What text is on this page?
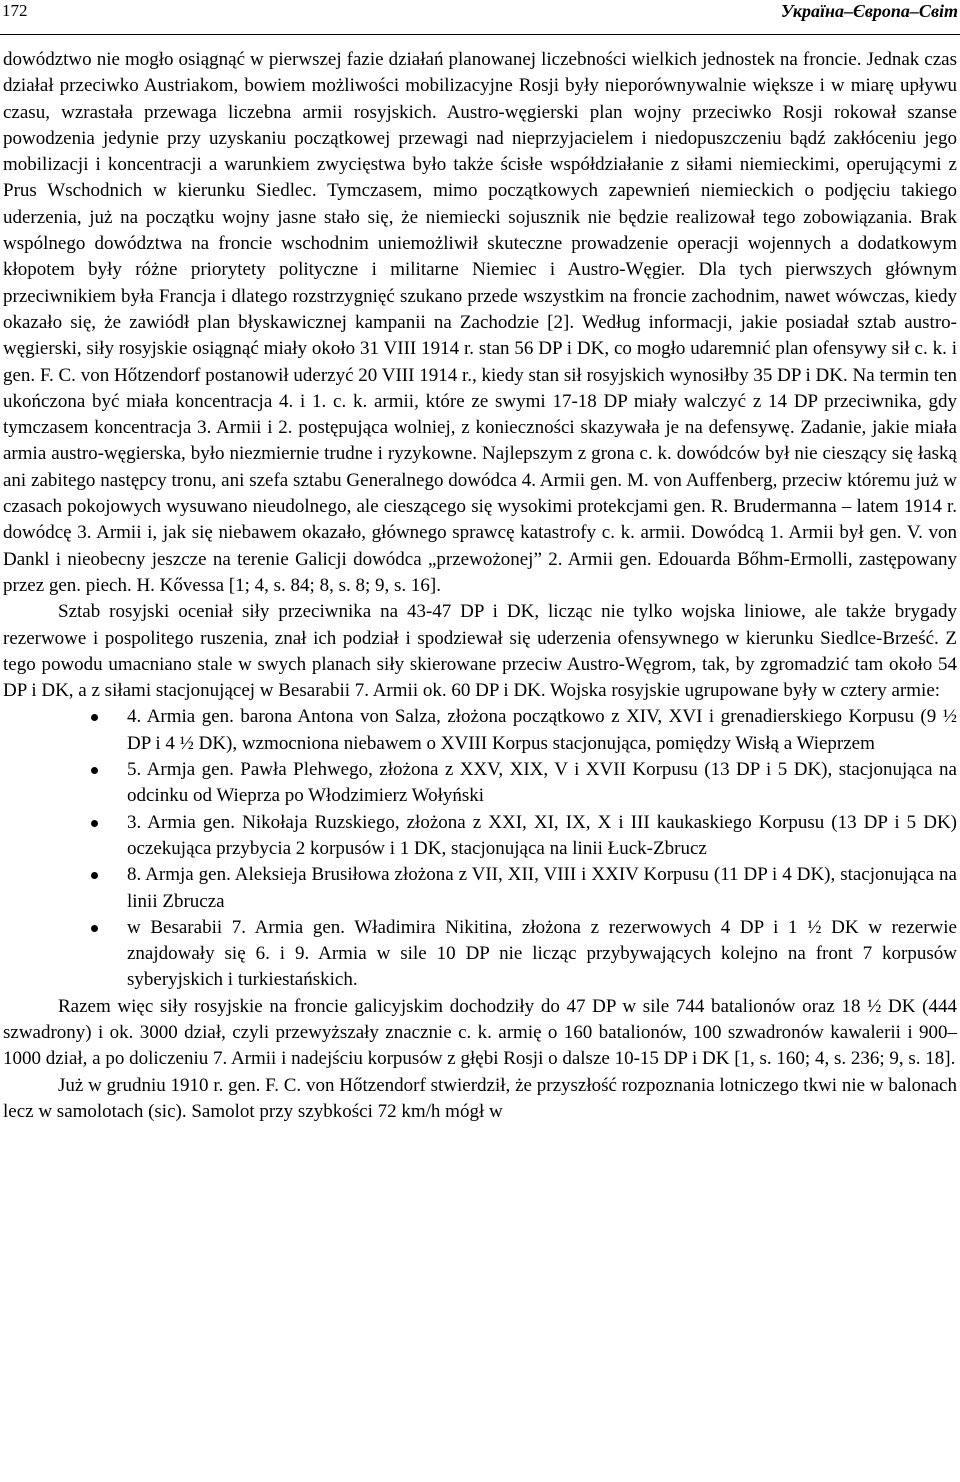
172	Україна–Європа–Світ

dowództwo nie mogło osiągnąć w pierwszej fazie działań planowanej liczebności wielkich jednostek na froncie. Jednak czas działał przeciwko Austriakom, bowiem możliwości mobilizacyjne Rosji były nieporównywalnie większe i w miarę upływu czasu, wzrastała przewaga liczebna armii rosyjskich. Austro-węgierski plan wojny przeciwko Rosji rokował szanse powodzenia jedynie przy uzyskaniu początkowej przewagi nad nieprzyjacielem i niedopuszczeniu bądź zakłóceniu jego mobilizacji i koncentracji a warunkiem zwycięstwa było także ścisłe współdziałanie z siłami niemieckimi, operującymi z Prus Wschodnich w kierunku Siedlec. Tymczasem, mimo początkowych zapewnień niemieckich o podjęciu takiego uderzenia, już na początku wojny jasne stało się, że niemiecki sojusznik nie będzie realizował tego zobowiązania. Brak wspólnego dowództwa na froncie wschodnim uniemożliwił skuteczne prowadzenie operacji wojennych a dodatkowym kłopotem były różne priorytety polityczne i militarne Niemiec i Austro-Węgier. Dla tych pierwszych głównym przeciwnikiem była Francja i dlatego rozstrzygnięć szukano przede wszystkim na froncie zachodnim, nawet wówczas, kiedy okazało się, że zawiódł plan błyskawicznej kampanii na Zachodzie [2]. Według informacji, jakie posiadał sztab austro-węgierski, siły rosyjskie osiągnąć miały około 31 VIII 1914 r. stan 56 DP i DK, co mogło udaremnić plan ofensywy sił c. k. i gen. F. C. von Hőtzendorf postanowił uderzyć 20 VIII 1914 r., kiedy stan sił rosyjskich wynosiłby 35 DP i DK. Na termin ten ukończona być miała koncentracja 4. i 1. c. k. armii, które ze swymi 17-18 DP miały walczyć z 14 DP przeciwnika, gdy tymczasem koncentracja 3. Armii i 2. postępująca wolniej, z konieczności skazywała je na defensywę. Zadanie, jakie miała armia austro-węgierska, było niezmiernie trudne i ryzykowne. Najlepszym z grona c. k. dowódców był nie cieszący się łaską ani zabitego następcy tronu, ani szefa sztabu Generalnego dowódca 4. Armii gen. M. von Auffenberg, przeciw któremu już w czasach pokojowych wysuwano nieudolnego, ale cieszącego się wysokimi protekcjami gen. R. Brudermanna – latem 1914 r. dowódcę 3. Armii i, jak się niebawem okazało, głównego sprawcę katastrofy c. k. armii. Dowódcą 1. Armii był gen. V. von Dankl i nieobecny jeszcze na terenie Galicji dowódca „przewożonej” 2. Armii gen. Edouarda Bőhm-Ermolli, zastępowany przez gen. piech. H. Kővessa [1; 4, s. 84; 8, s. 8; 9, s. 16].

Sztab rosyjski oceniał siły przeciwnika na 43-47 DP i DK, licząc nie tylko wojska liniowe, ale także brygady rezerwowe i pospolitego ruszenia, znał ich podział i spodziewał się uderzenia ofensywnego w kierunku Siedlce-Brześć. Z tego powodu umacniano stale w swych planach siły skierowane przeciw Austro-Węgrom, tak, by zgromadzić tam około 54 DP i DK, a z siłami stacjonującej w Besarabii 7. Armii ok. 60 DP i DK. Wojska rosyjskie ugrupowane były w cztery armie:

4. Armia gen. barona Antona von Salza, złożona początkowo z XIV, XVI i grenadierskiego Korpusu (9 ½ DP i 4 ½ DK), wzmocniona niebawem o XVIII Korpus stacjonująca, pomiędzy Wisłą a Wieprzem
5. Armja gen. Pawła Plehwego, złożona z XXV, XIX, V i XVII Korpusu (13 DP i 5 DK), stacjonująca na odcinku od Wieprza po Włodzimierz Wołyński
3. Armia gen. Nikołaja Ruzskiego, złożona z XXI, XI, IX, X i III kaukaskiego Korpusu (13 DP i 5 DK) oczekująca przybycia 2 korpusów i 1 DK, stacjonująca na linii Łuck-Zbrucz
8. Armja gen. Aleksieja Brusiłowa złożona z VII, XII, VIII i XXIV Korpusu (11 DP i 4 DK), stacjonująca na linii Zbrucza
w Besarabii 7. Armia gen. Władimira Nikitina, złożona z rezerwowych 4 DP i 1 ½ DK w rezerwie znajdowały się 6. i 9. Armia w sile 10 DP nie licząc przybywających kolejno na front 7 korpusów syberyjskich i turkiestańskich.

Razem więc siły rosyjskie na froncie galicyjskim dochodziły do 47 DP w sile 744 batalionów oraz 18 ½ DK (444 szwadrony) i ok. 3000 dział, czyli przewyższały znacznie c. k. armię o 160 batalionów, 100 szwadronów kawalerii i 900–1000 dział, a po doliczeniu 7. Armii i nadejściu korpusów z głębi Rosji o dalsze 10-15 DP i DK [1, s. 160; 4, s. 236; 9, s. 18].

Już w grudniu 1910 r. gen. F. C. von Hőtzendorf stwierdził, że przyszłość rozpoznania lotniczego tkwi nie w balonach lecz w samolotach (sic). Samolot przy szybkości 72 km/h mógł w
